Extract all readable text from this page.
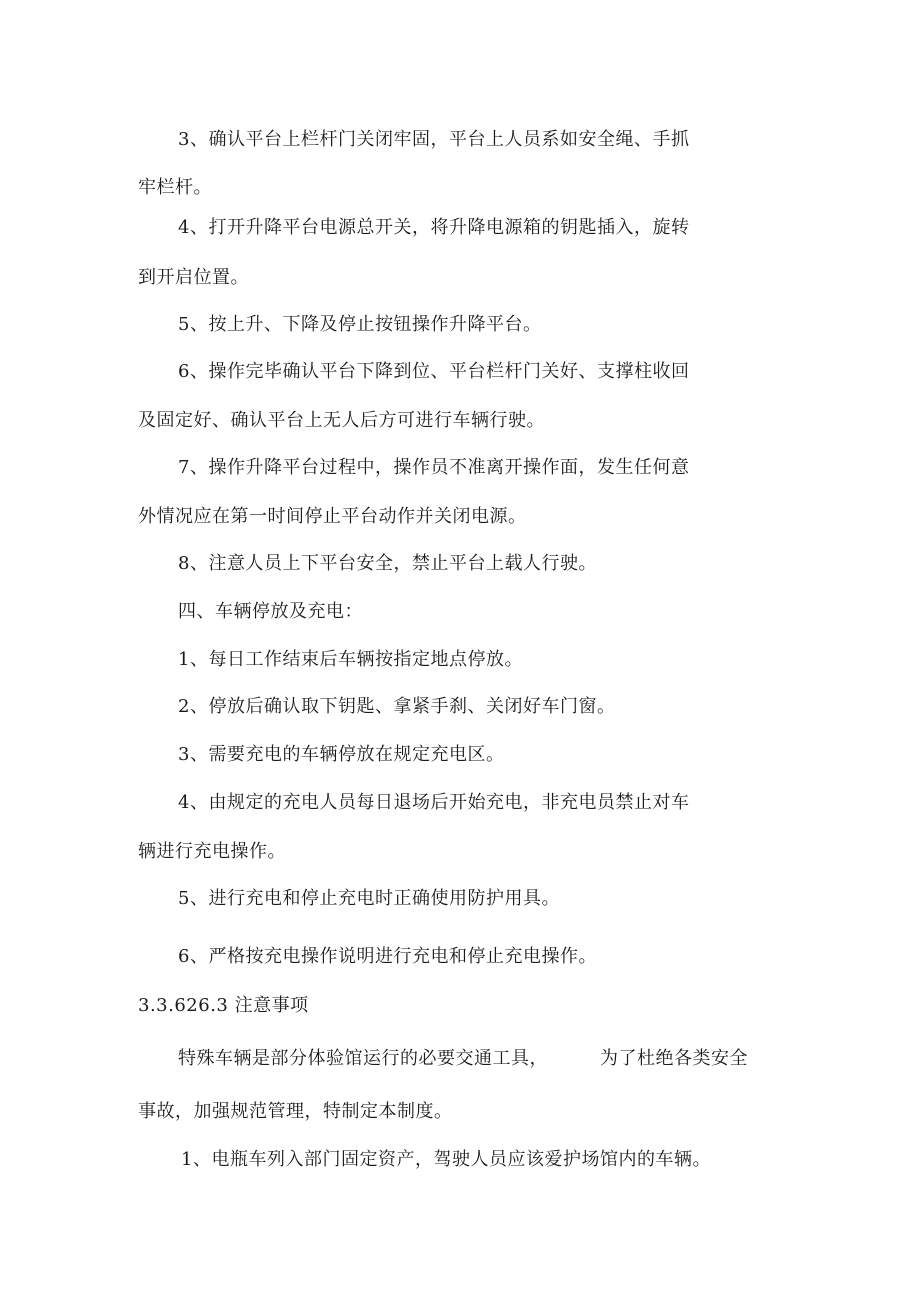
3、确认平台上栏杆门关闭牢固，平台上人员系如安全绳、手抓
牢栏杆。
4、打开升降平台电源总开关，将升降电源箱的钥匙插入，旋转
到开启位置。
5、按上升、下降及停止按钮操作升降平台。
6、操作完毕确认平台下降到位、平台栏杆门关好、支撑柱收回
及固定好、确认平台上无人后方可进行车辆行驶。
7、操作升降平台过程中，操作员不准离开操作面，发生任何意
外情况应在第一时间停止平台动作并关闭电源。
8、注意人员上下平台安全，禁止平台上载人行驶。
四、车辆停放及充电：
1、每日工作结束后车辆按指定地点停放。
2、停放后确认取下钥匙、拿紧手刹、关闭好车门窗。
3、需要充电的车辆停放在规定充电区。
4、由规定的充电人员每日退场后开始充电，非充电员禁止对车
辆进行充电操作。
5、进行充电和停止充电时正确使用防护用具。
6、严格按充电操作说明进行充电和停止充电操作。
3.3.626.3 注意事项
特殊车辆是部分体验馆运行的必要交通工具，	为了杜绝各类安全
事故，加强规范管理，特制定本制度。
1、电瓶车列入部门固定资产，驾驶人员应该爱护场馆内的车辆。
